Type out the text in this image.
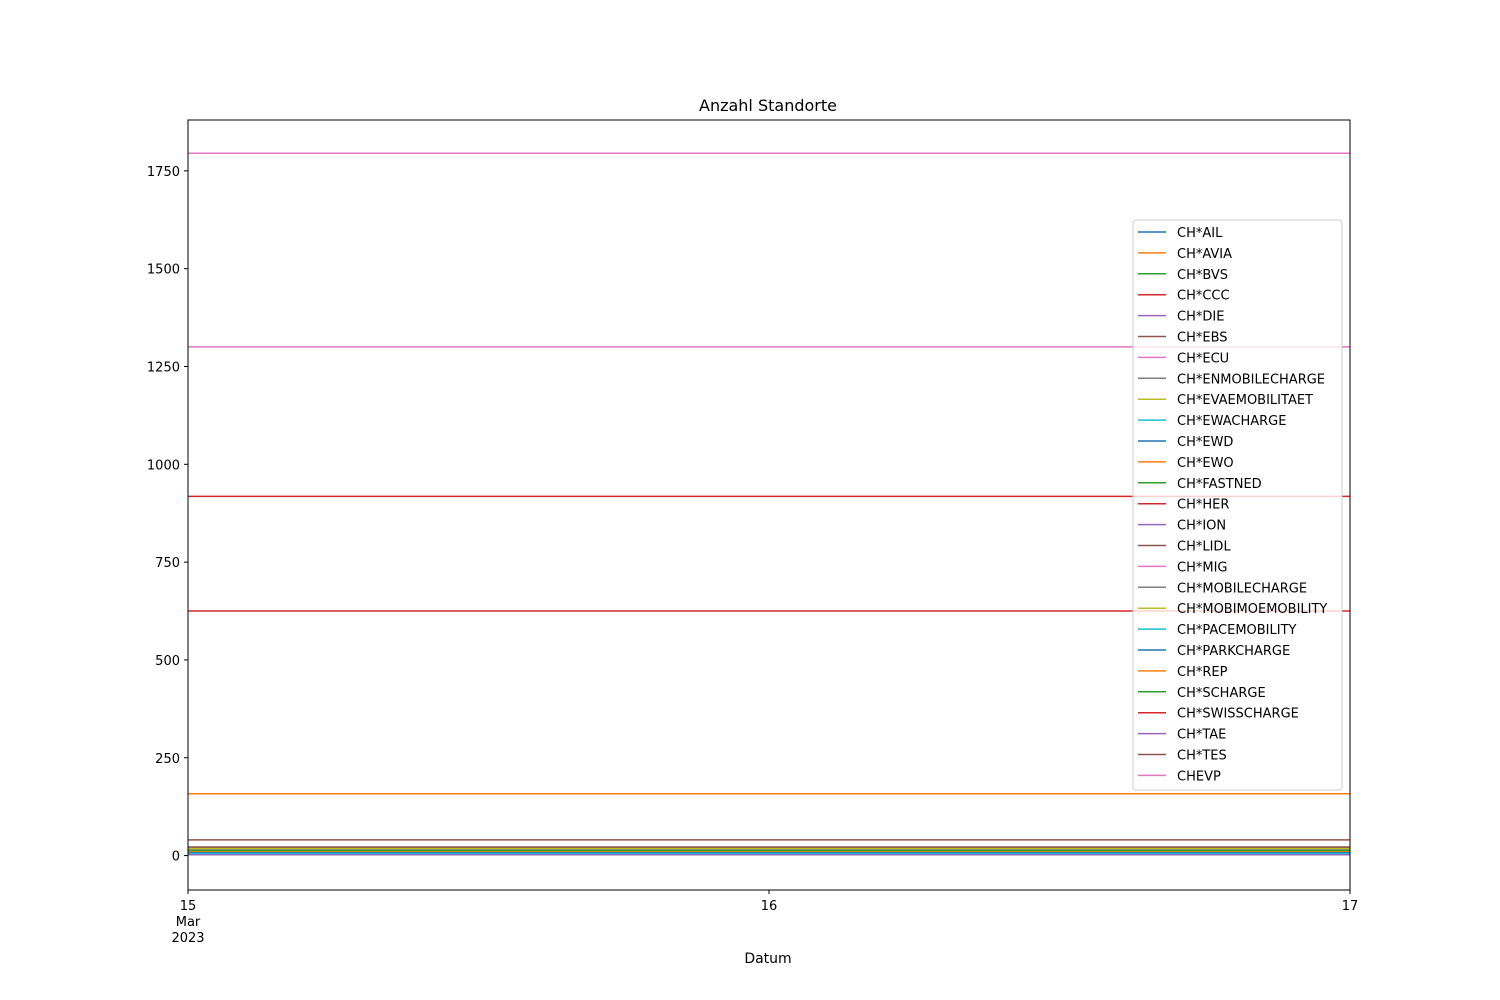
Anzahl Standorte
0
250
500
750
1000
1250
1500
1750
15
Mar
2023
16	17
Datum
CH*AIL
CH*AVIA
CH*BVS
CH*CCC
CH*DIE
CH*EBS
CH*ECU
CH*ENMOBILECHARGE
CH*EVAEMOBILITAET
CH*EWACHARGE
CH*EWD
CH*EWO
CH*FASTNED
CH*HER
CH*ION
CH*LIDL
CH*MIG
CH*MOBILECHARGE
CH*MOBIMOEMOBILITY
CH*PACEMOBILITY
CH*PARKCHARGE
CH*REP
CH*SCHARGE
CH*SWISSCHARGE
CH*TAE
CH*TES
CHEVP
